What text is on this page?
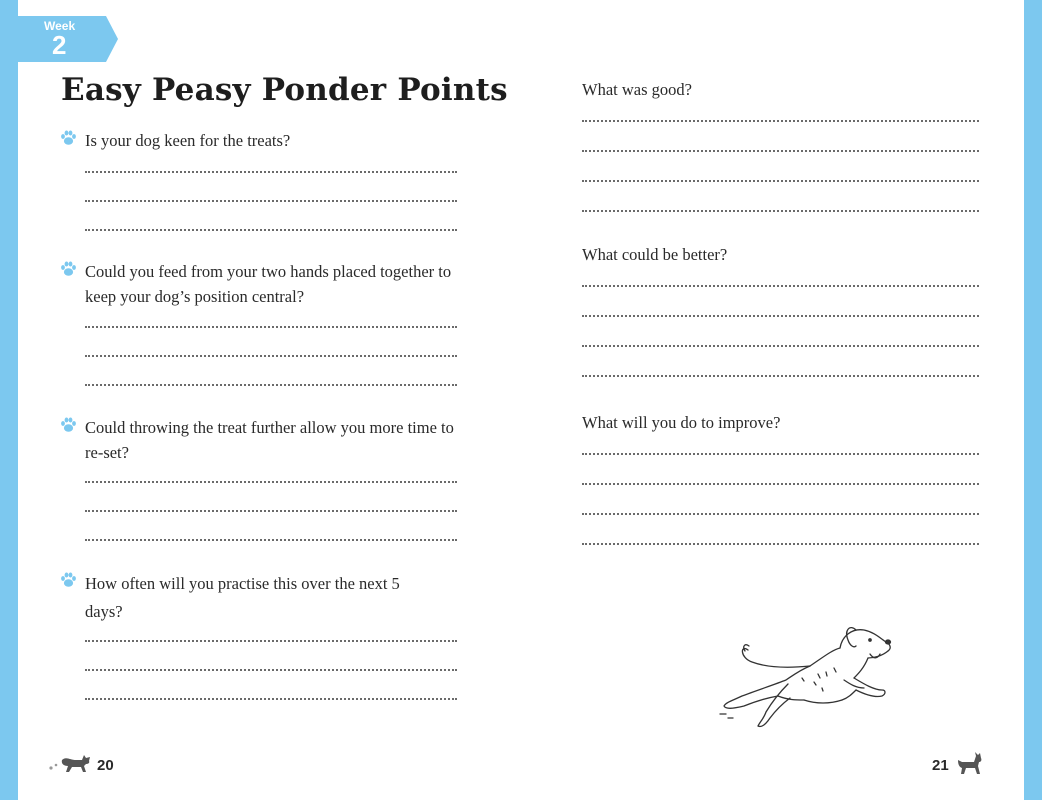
Week
2
Easy Peasy Ponder Points
Is your dog keen for the treats?
Could you feed from your two hands placed together to keep your dog’s position central?
Could throwing the treat further allow you more time to re-set?
How often will you practise this over the next 5 days?
What was good?
What could be better?
What will you do to improve?
20	21
